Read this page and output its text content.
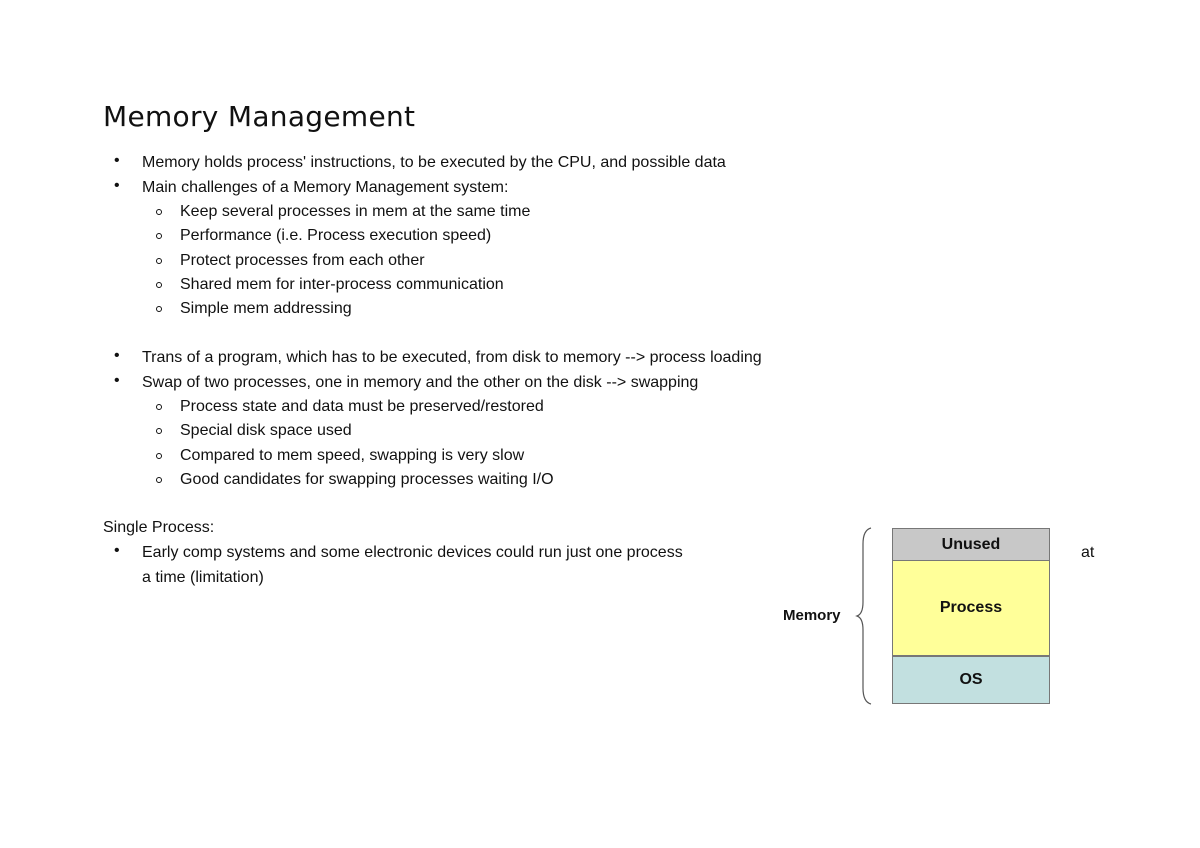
Memory Management
• Memory holds process' instructions, to be executed by the CPU, and possible data
• Main challenges of a Memory Management system:
Keep several processes in mem at the same time
Performance (i.e. Process execution speed)
Protect processes from each other
Shared mem for inter-process communication
Simple mem addressing
• Trans of a program, which has to be executed, from disk to memory --> process loading
• Swap of two processes, one in memory and the other on the disk --> swapping
Process state and data must be preserved/restored
Special disk space used
Compared to mem speed, swapping is very slow
Good candidates for swapping processes waiting I/O
Single Process:
• Early comp systems and some electronic devices could run just one process	at
a time (limitation)
Memory
Unused
Process
OS
